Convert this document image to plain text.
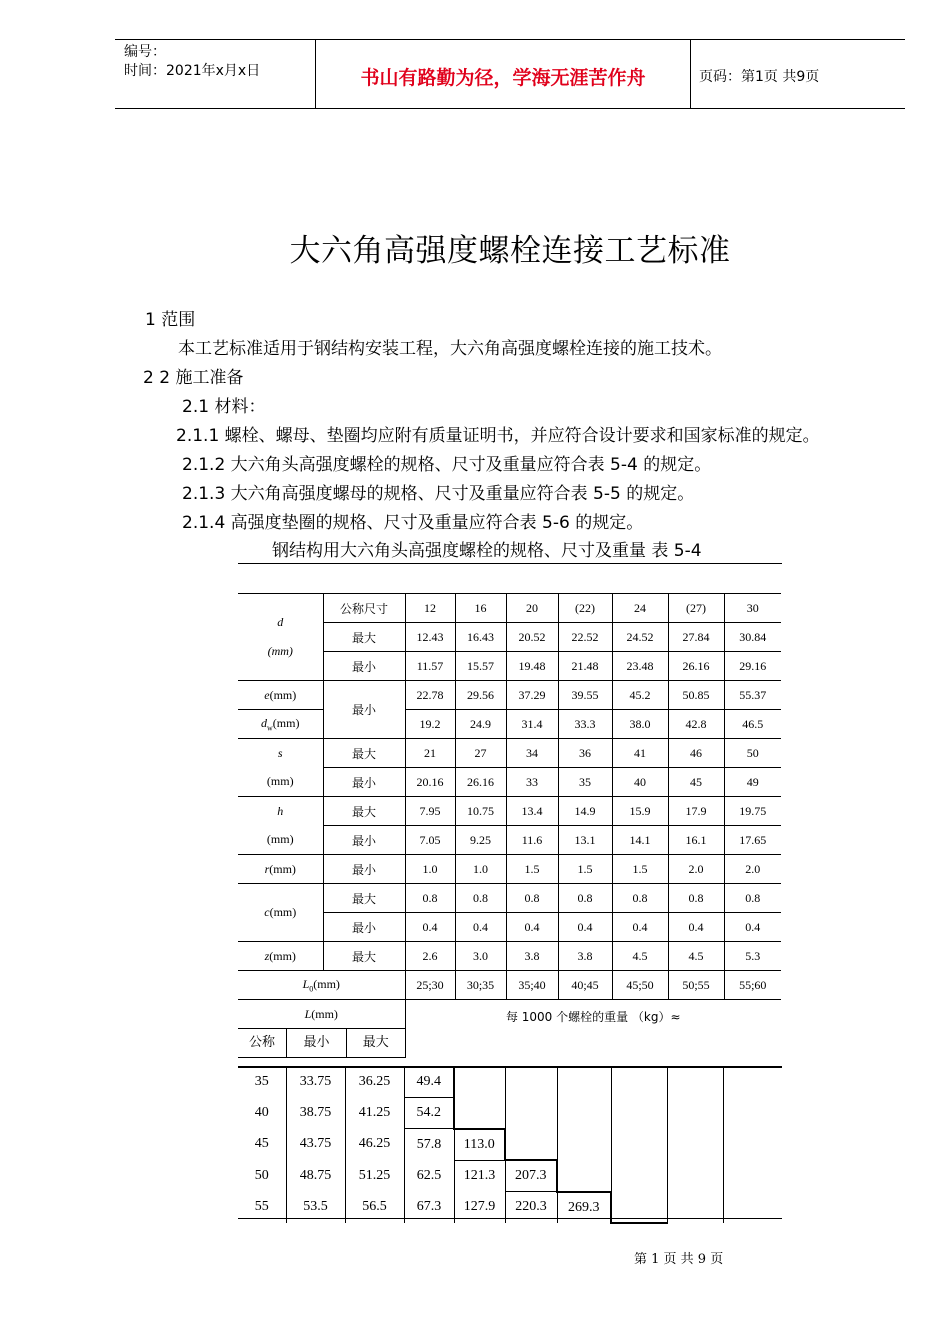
编号：
时间：2021年x月x日	书山有路勤为径，学海无涯苦作舟	页码：第1页 共9页
大六角高强度螺栓连接工艺标准
1 范围
本工艺标准适用于钢结构安装工程，大六角高强度螺栓连接的施工技术。
2 2 施工准备
2.1 材料：
2.1.1 螺栓、螺母、垫圈均应附有质量证明书，并应符合设计要求和国家标准的规定。
2.1.2 大六角头高强度螺栓的规格、尺寸及重量应符合表 5-4 的规定。
2.1.3 大六角高强度螺母的规格、尺寸及重量应符合表 5-5 的规定。
2.1.4 高强度垫圈的规格、尺寸及重量应符合表 5-6 的规定。
钢结构用大六角头高强度螺栓的规格、尺寸及重量 表 5-4
d
(mm)	公称尺寸	12	16	20	(22)	24	(27)	30
	最大	12.43	16.43	20.52	22.52	24.52	27.84	30.84
	最小	11.57	15.57	19.48	21.48	23.48	26.16	29.16
e(mm)	最小	22.78	29.56	37.29	39.55	45.2	50.85	55.37
$d_w(mm)$		19.2	24.9	31.4	33.3	38.0	42.8	46.5
s	最大	21	27	34	36	41	46	50
(mm)	最小	20.16	26.16	33	35	40	45	49
h	最大	7.95	10.75	13.4	14.9	15.9	17.9	19.75
(mm)	最小	7.05	9.25	11.6	13.1	14.1	16.1	17.65
r(mm)	最小	1.0	1.0	1.5	1.5	1.5	2.0	2.0
c(mm)	最大	0.8	0.8	0.8	0.8	0.8	0.8	0.8
	最小	0.4	0.4	0.4	0.4	0.4	0.4	0.4
z(mm)	最大	2.6	3.0	3.8	3.8	4.5	4.5	5.3
$L_0(mm)$		25;30	30;35	35;40	40;45	45;50	50;55	55;60
L(mm)		每 1000 个螺栓的重量 （kg）≈						

公称 最小 最大								
35	33.75	36.25	49.4						
40	38.75	41.25	54.2						
45	43.75	46.25	57.8	113.0					
50	48.75	51.25	62.5	121.3	207.3				
55	53.5	56.5	67.3	127.9	220.3	269.3			
第 1 页 共 9 页
